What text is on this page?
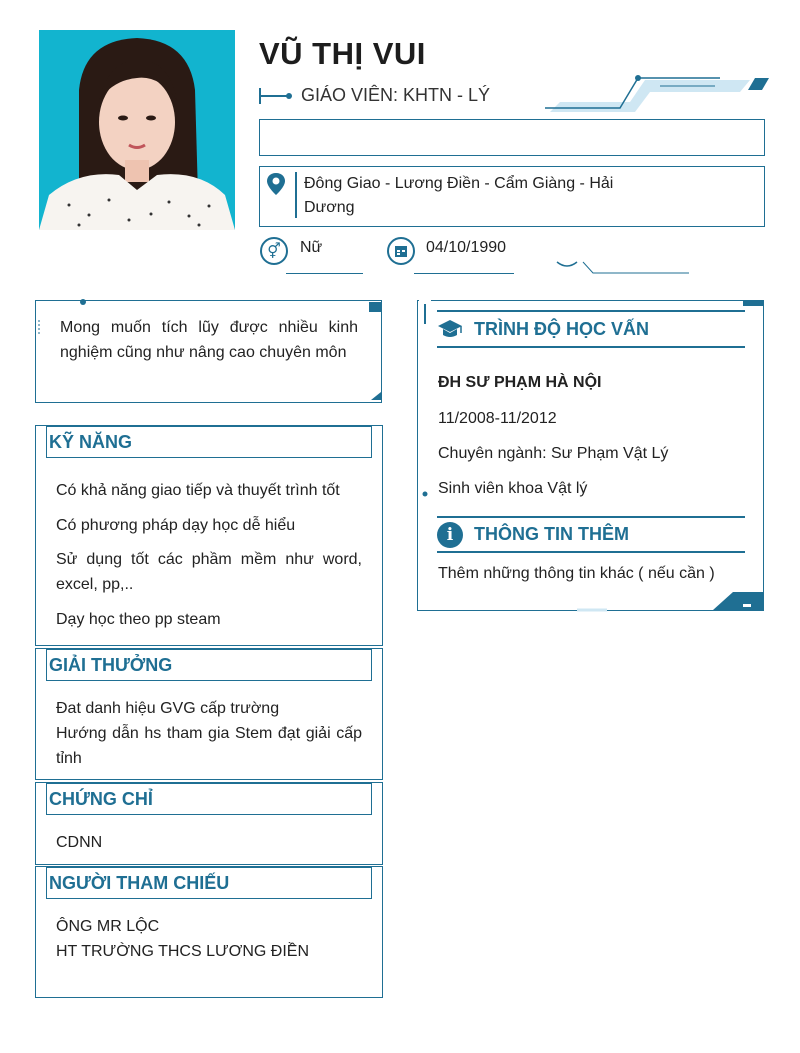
VŨ THỊ VUI
GIÁO VIÊN: KHTN - LÝ
Đông Giao - Lương Điền - Cẩm Giàng - Hải Dương
⚥	Nữ	04/10/1990
Mong muốn tích lũy được nhiều kinh nghiệm cũng như nâng cao chuyên môn
KỸ NĂNG
Có khả năng giao tiếp và thuyết trình tốt
Có phương pháp dạy học dễ hiểu
Sử dụng tốt các phầm mềm như word, excel, pp,..
Dạy học theo pp steam
GIẢI THƯỞNG
Đat danh hiệu GVG cấp trường
Hướng dẫn hs tham gia Stem đạt giải cấp tỉnh
CHỨNG CHỈ
CDNN
NGƯỜI THAM CHIẾU
ÔNG MR LỘC
HT TRƯỜNG THCS LƯƠNG ĐIỀN
TRÌNH ĐỘ HỌC VẤN
ĐH SƯ PHẠM HÀ NỘI
11/2008-11/2012
Chuyên ngành: Sư Phạm Vật Lý
Sinh viên khoa Vật lý
i	THÔNG TIN THÊM
Thêm những thông tin khác ( nếu cần )
